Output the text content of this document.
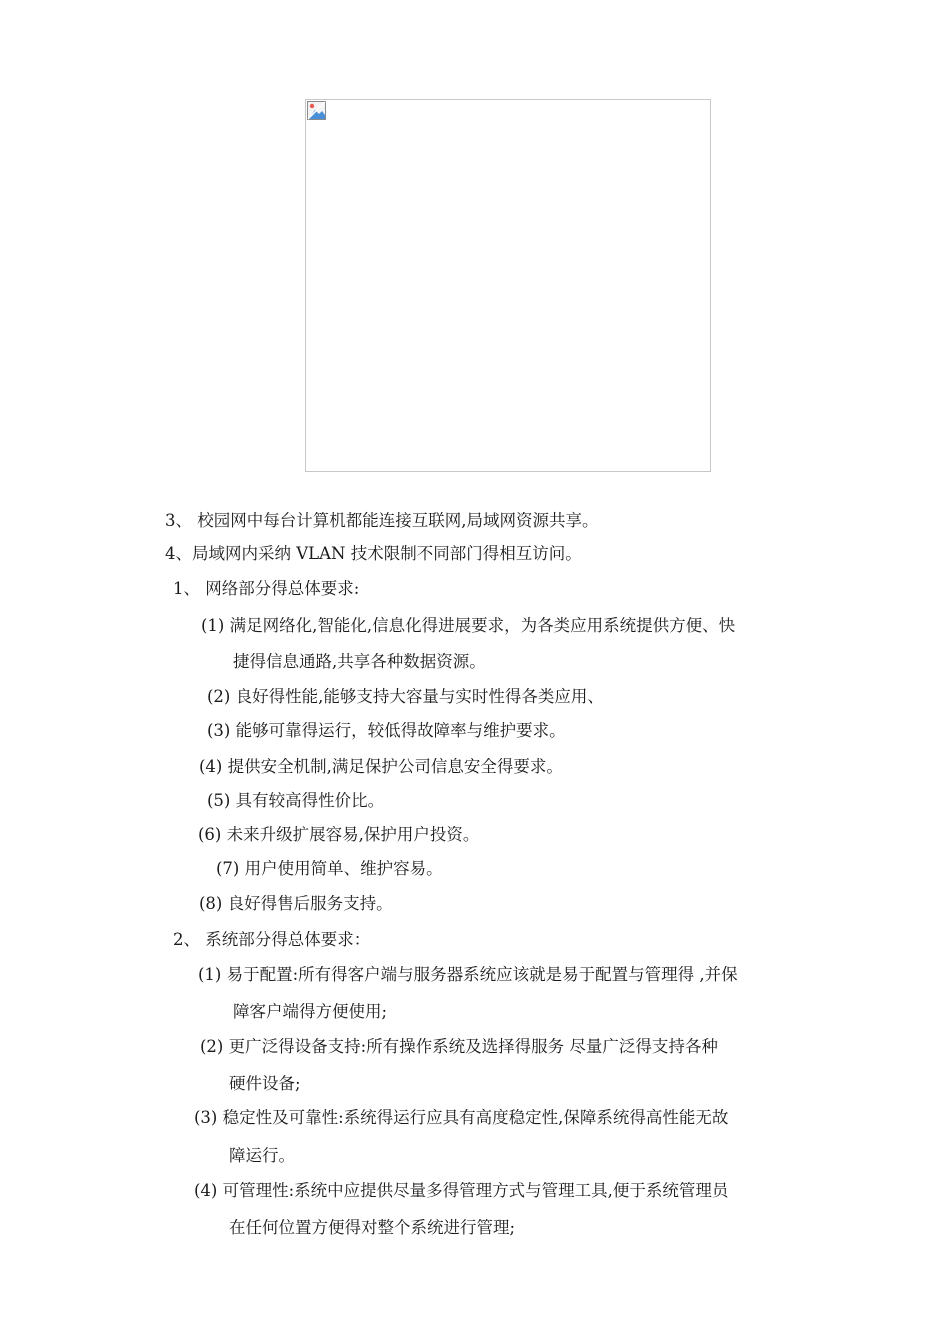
3、 校园网中每台计算机都能连接互联网,局域网资源共享。
4、局域网内采纳 VLAN 技术限制不同部门得相互访问。
1、 网络部分得总体要求:
(1) 满足网络化,智能化,信息化得进展要求，为各类应用系统提供方便、快
捷得信息通路,共享各种数据资源。
(2) 良好得性能,能够支持大容量与实时性得各类应用、
(3) 能够可靠得运行，较低得故障率与维护要求。
(4) 提供安全机制,满足保护公司信息安全得要求。
(5) 具有较高得性价比。
(6) 未来升级扩展容易,保护用户投资。
(7) 用户使用简单、维护容易。
(8) 良好得售后服务支持。
2、 系统部分得总体要求：
(1) 易于配置:所有得客户端与服务器系统应该就是易于配置与管理得 ,并保
障客户端得方便使用;
(2) 更广泛得设备支持:所有操作系统及选择得服务 尽量广泛得支持各种
硬件设备;
(3) 稳定性及可靠性:系统得运行应具有高度稳定性,保障系统得高性能无故
障运行。
(4) 可管理性:系统中应提供尽量多得管理方式与管理工具,便于系统管理员
在任何位置方便得对整个系统进行管理;
